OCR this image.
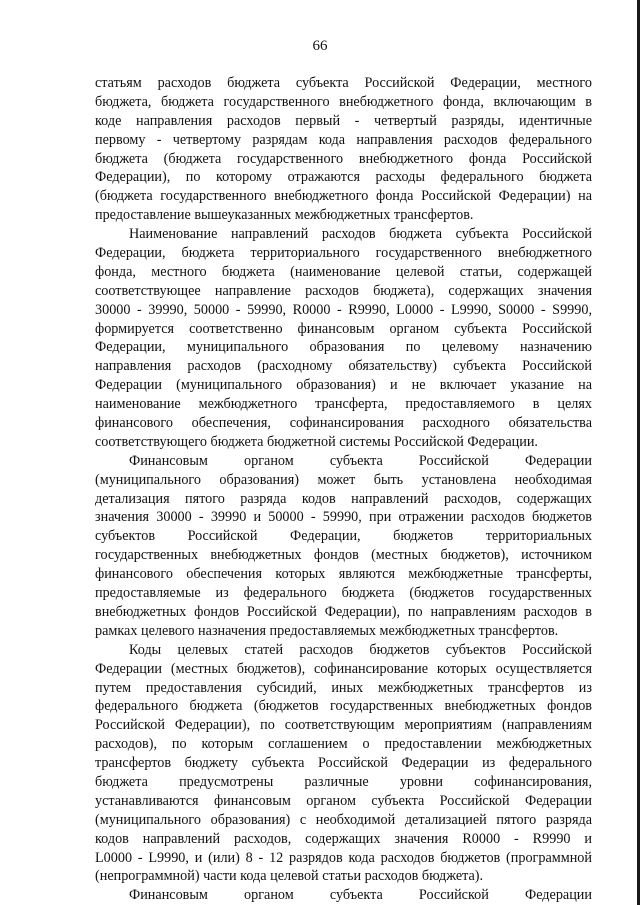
66
статьям расходов бюджета субъекта Российской Федерации, местного
бюджета, бюджета государственного внебюджетного фонда, включающим в
коде направления расходов первый - четвертый разряды, идентичные
первому - четвертому разрядам кода направления расходов федерального
бюджета (бюджета государственного внебюджетного фонда Российской
Федерации), по которому отражаются расходы федерального бюджета
(бюджета государственного внебюджетного фонда Российской Федерации) на
предоставление вышеуказанных межбюджетных трансфертов.
Наименование направлений расходов бюджета субъекта Российской
Федерации, бюджета территориального государственного внебюджетного
фонда, местного бюджета (наименование целевой статьи, содержащей
соответствующее направление расходов бюджета), содержащих значения
30000 - 39990, 50000 - 59990, R0000 - R9990, L0000 - L9990, S0000 - S9990,
формируется соответственно финансовым органом субъекта Российской
Федерации, муниципального образования по целевому назначению
направления расходов (расходному обязательству) субъекта Российской
Федерации (муниципального образования) и не включает указание на
наименование межбюджетного трансферта, предоставляемого в целях
финансового обеспечения, софинансирования расходного обязательства
соответствующего бюджета бюджетной системы Российской Федерации.
Финансовым органом субъекта Российской Федерации
(муниципального образования) может быть установлена необходимая
детализация пятого разряда кодов направлений расходов, содержащих
значения 30000 - 39990 и 50000 - 59990, при отражении расходов бюджетов
субъектов Российской Федерации, бюджетов территориальных
государственных внебюджетных фондов (местных бюджетов), источником
финансового обеспечения которых являются межбюджетные трансферты,
предоставляемые из федерального бюджета (бюджетов государственных
внебюджетных фондов Российской Федерации), по направлениям расходов в
рамках целевого назначения предоставляемых межбюджетных трансфертов.
Коды целевых статей расходов бюджетов субъектов Российской
Федерации (местных бюджетов), софинансирование которых осуществляется
путем предоставления субсидий, иных межбюджетных трансфертов из
федерального бюджета (бюджетов государственных внебюджетных фондов
Российской Федерации), по соответствующим мероприятиям (направлениям
расходов), по которым соглашением о предоставлении межбюджетных
трансфертов бюджету субъекта Российской Федерации из федерального
бюджета предусмотрены различные уровни софинансирования,
устанавливаются финансовым органом субъекта Российской Федерации
(муниципального образования) с необходимой детализацией пятого разряда
кодов направлений расходов, содержащих значения R0000 - R9990 и
L0000 - L9990, и (или) 8 - 12 разрядов кода расходов бюджетов (программной
(непрограммной) части кода целевой статьи расходов бюджета).
Финансовым органом субъекта Российской Федерации
